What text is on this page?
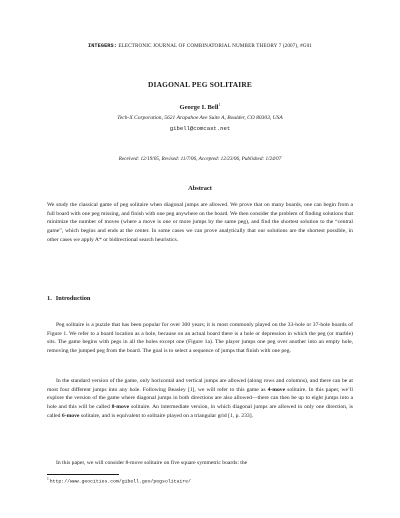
INTEGERS: ELECTRONIC JOURNAL OF COMBINATORIAL NUMBER THEORY 7 (2007), #G01
DIAGONAL PEG SOLITAIRE
George I. Bell$^1$
Tech-X Corporation, 5621 Arapahoe Ave Suite A, Boulder, CO 80303, USA
gibell@comcast.net
Received: 12/19/05, Revised: 11/7/06, Accepted: 12/23/06, Published: 1/24/07
Abstract

We study the classical game of peg solitaire when diagonal jumps are allowed. We prove that on many boards, one can begin from a full board with one peg missing, and finish with one peg anywhere on the board. We then consider the problem of finding solutions that minimize the number of moves (where a move is one or more jumps by the same peg), and find the shortest solution to the “central game”, which begins and ends at the center. In some cases we can prove analytically that our solutions are the shortest possible, in other cases we apply A* or bidirectional search heuristics.

1. Introduction

Peg solitaire is a puzzle that has been popular for over 300 years; it is most commonly played on the 33-hole or 37-hole boards of Figure 1. We refer to a board location as a hole, because on an actual board there is a hole or depression in which the peg (or marble) sits. The game begins with pegs in all the holes except one (Figure 1a). The player jumps one peg over another into an empty hole, removing the jumped peg from the board. The goal is to select a sequence of jumps that finish with one peg.

In the standard version of the game, only horizontal and vertical jumps are allowed (along rows and columns), and there can be at most four different jumps into any hole. Following Beasley [1], we will refer to this game as 4-move solitaire. In this paper, we’ll explore the version of the game where diagonal jumps in both directions are also allowed—there can then be up to eight jumps into a hole and this will be called 8-move solitaire. An intermediate version, in which diagonal jumps are allowed in only one direction, is called 6-move solitaire, and is equivalent to solitaire played on a triangular grid [1, p. 233].

In this paper, we will consider 8-move solitaire on five square symmetric boards: the

$^1$http://www.geocities.com/gibell.geo/pegsolitaire/
